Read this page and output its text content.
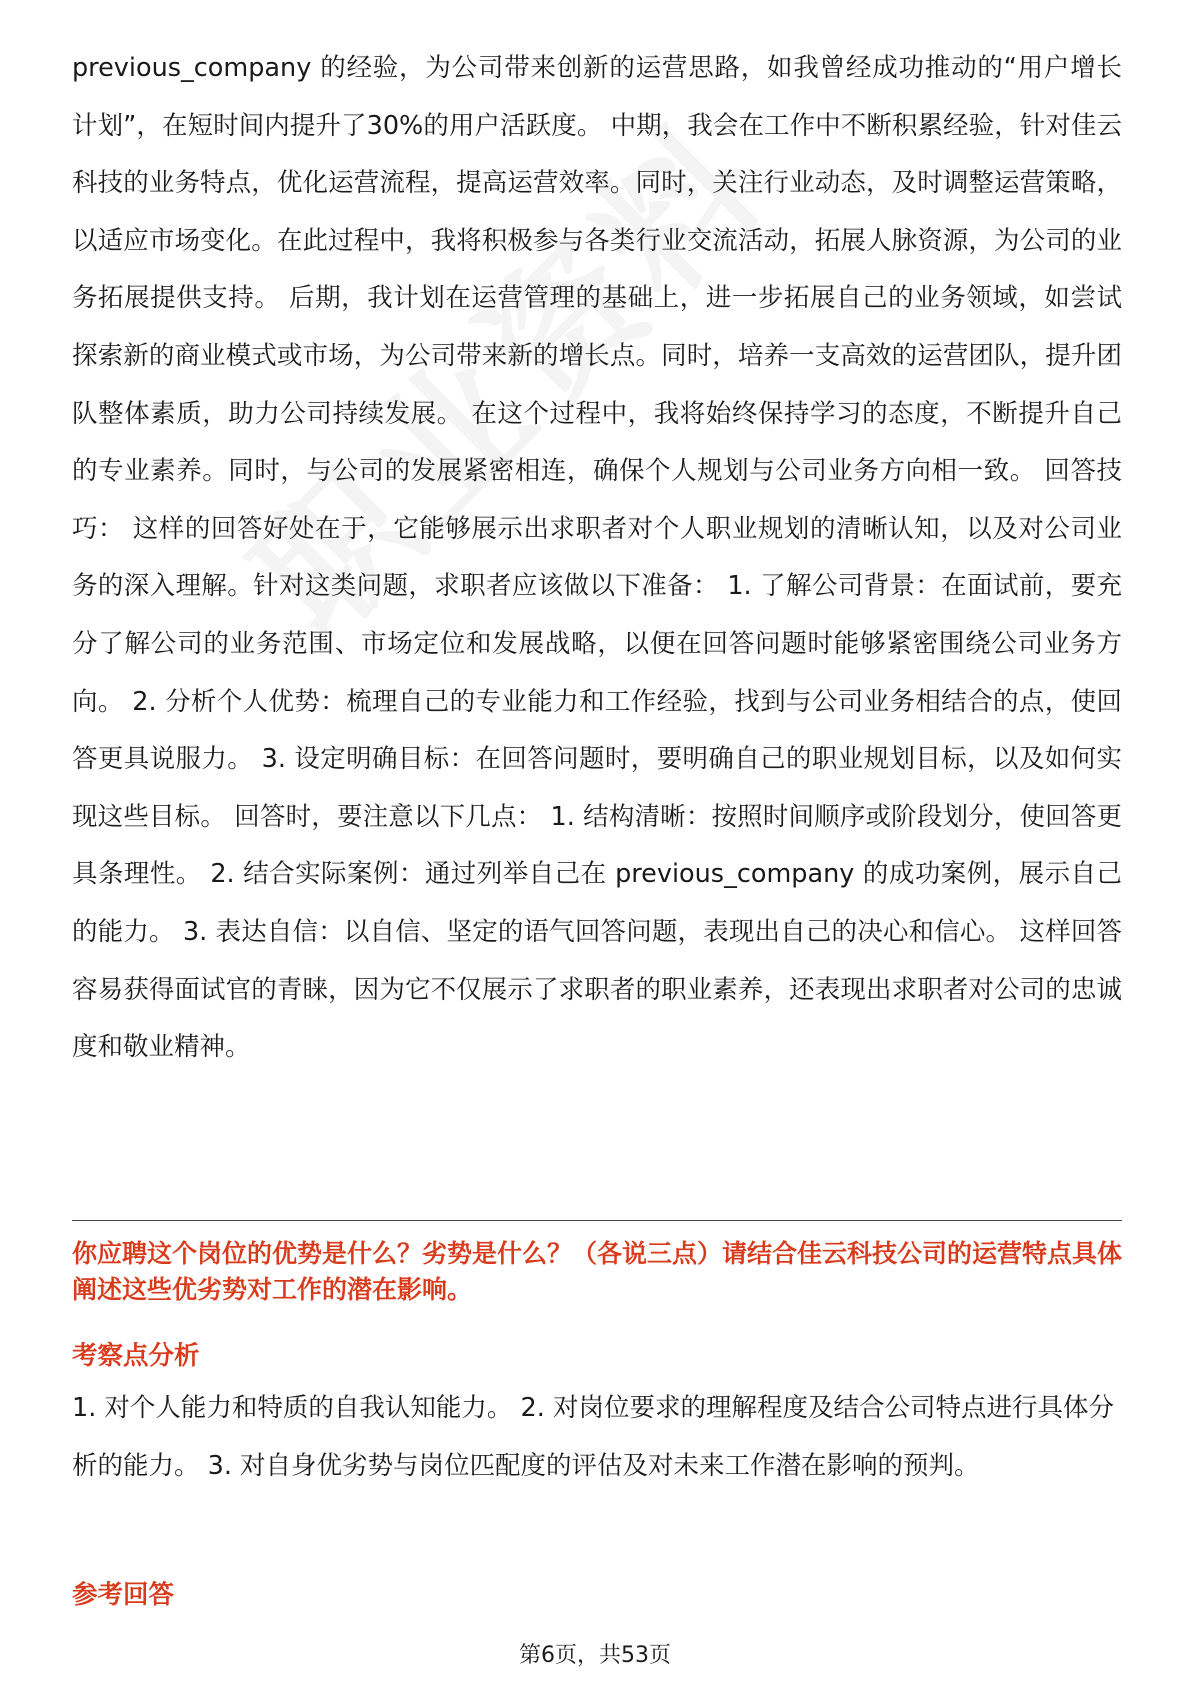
previous_company 的经验，为公司带来创新的运营思路，如我曾经成功推动的“用户增长计划”，在短时间内提升了30%的用户活跃度。 中期，我会在工作中不断积累经验，针对佳云科技的业务特点，优化运营流程，提高运营效率。同时，关注行业动态，及时调整运营策略，以适应市场变化。在此过程中，我将积极参与各类行业交流活动，拓展人脉资源，为公司的业务拓展提供支持。 后期，我计划在运营管理的基础上，进一步拓展自己的业务领域，如尝试探索新的商业模式或市场，为公司带来新的增长点。同时，培养一支高效的运营团队，提升团队整体素质，助力公司持续发展。 在这个过程中，我将始终保持学习的态度，不断提升自己的专业素养。同时，与公司的发展紧密相连，确保个人规划与公司业务方向相一致。 回答技巧： 这样的回答好处在于，它能够展示出求职者对个人职业规划的清晰认知，以及对公司业务的深入理解。针对这类问题，求职者应该做以下准备： 1. 了解公司背景：在面试前，要充分了解公司的业务范围、市场定位和发展战略，以便在回答问题时能够紧密围绕公司业务方向。 2. 分析个人优势：梳理自己的专业能力和工作经验，找到与公司业务相结合的点，使回答更具说服力。 3. 设定明确目标：在回答问题时，要明确自己的职业规划目标，以及如何实现这些目标。 回答时，要注意以下几点： 1. 结构清晰：按照时间顺序或阶段划分，使回答更具条理性。 2. 结合实际案例：通过列举自己在 previous_company 的成功案例，展示自己的能力。 3. 表达自信：以自信、坚定的语气回答问题，表现出自己的决心和信心。 这样回答容易获得面试官的青睐，因为它不仅展示了求职者的职业素养，还表现出求职者对公司的忠诚度和敬业精神。

你应聘这个岗位的优势是什么？劣势是什么？（各说三点）请结合佳云科技公司的运营特点具体阐述这些优劣势对工作的潜在影响。

考察点分析

1. 对个人能力和特质的自我认知能力。 2. 对岗位要求的理解程度及结合公司特点进行具体分析的能力。 3. 对自身优劣势与岗位匹配度的评估及对未来工作潜在影响的预判。

参考回答
第6页，共53页
